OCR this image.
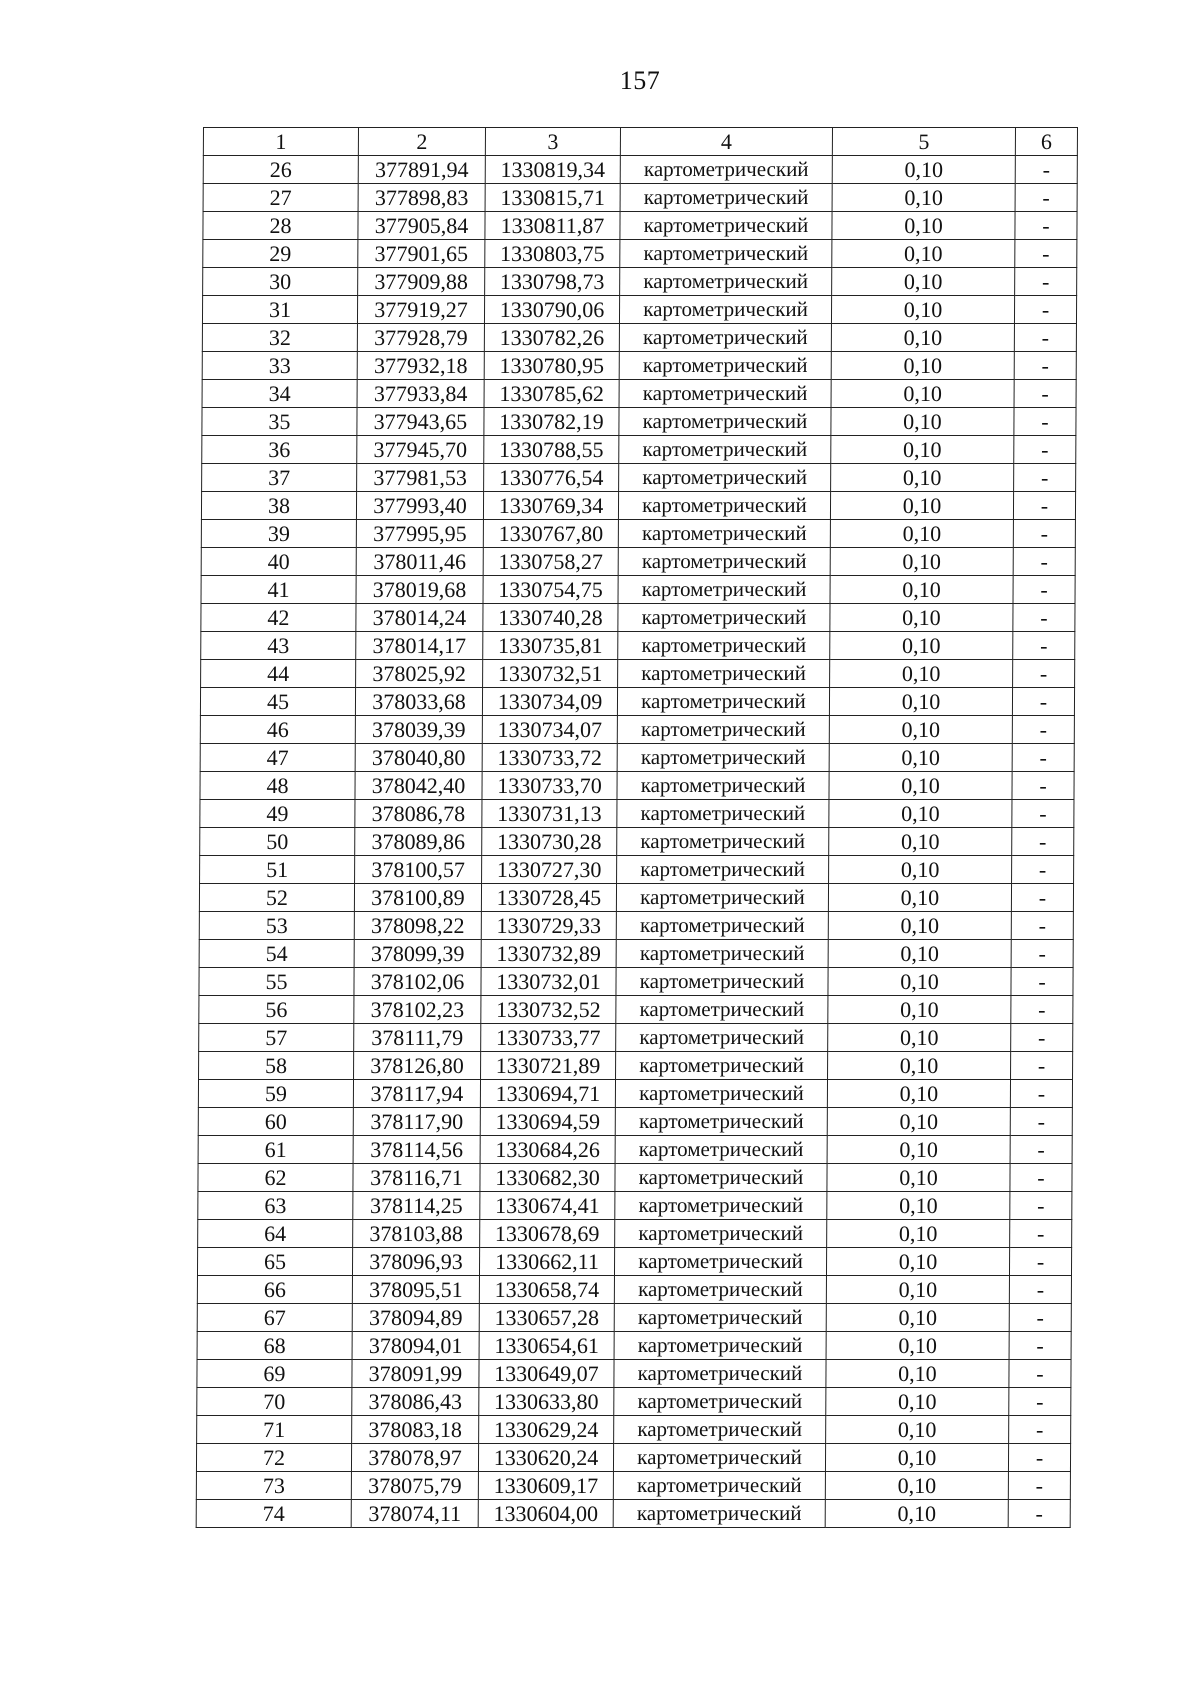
157
1	2	3	4	5	6
26	377891,94	1330819,34	картометрический	0,10	-
27	377898,83	1330815,71	картометрический	0,10	-
28	377905,84	1330811,87	картометрический	0,10	-
29	377901,65	1330803,75	картометрический	0,10	-
30	377909,88	1330798,73	картометрический	0,10	-
31	377919,27	1330790,06	картометрический	0,10	-
32	377928,79	1330782,26	картометрический	0,10	-
33	377932,18	1330780,95	картометрический	0,10	-
34	377933,84	1330785,62	картометрический	0,10	-
35	377943,65	1330782,19	картометрический	0,10	-
36	377945,70	1330788,55	картометрический	0,10	-
37	377981,53	1330776,54	картометрический	0,10	-
38	377993,40	1330769,34	картометрический	0,10	-
39	377995,95	1330767,80	картометрический	0,10	-
40	378011,46	1330758,27	картометрический	0,10	-
41	378019,68	1330754,75	картометрический	0,10	-
42	378014,24	1330740,28	картометрический	0,10	-
43	378014,17	1330735,81	картометрический	0,10	-
44	378025,92	1330732,51	картометрический	0,10	-
45	378033,68	1330734,09	картометрический	0,10	-
46	378039,39	1330734,07	картометрический	0,10	-
47	378040,80	1330733,72	картометрический	0,10	-
48	378042,40	1330733,70	картометрический	0,10	-
49	378086,78	1330731,13	картометрический	0,10	-
50	378089,86	1330730,28	картометрический	0,10	-
51	378100,57	1330727,30	картометрический	0,10	-
52	378100,89	1330728,45	картометрический	0,10	-
53	378098,22	1330729,33	картометрический	0,10	-
54	378099,39	1330732,89	картометрический	0,10	-
55	378102,06	1330732,01	картометрический	0,10	-
56	378102,23	1330732,52	картометрический	0,10	-
57	378111,79	1330733,77	картометрический	0,10	-
58	378126,80	1330721,89	картометрический	0,10	-
59	378117,94	1330694,71	картометрический	0,10	-
60	378117,90	1330694,59	картометрический	0,10	-
61	378114,56	1330684,26	картометрический	0,10	-
62	378116,71	1330682,30	картометрический	0,10	-
63	378114,25	1330674,41	картометрический	0,10	-
64	378103,88	1330678,69	картометрический	0,10	-
65	378096,93	1330662,11	картометрический	0,10	-
66	378095,51	1330658,74	картометрический	0,10	-
67	378094,89	1330657,28	картометрический	0,10	-
68	378094,01	1330654,61	картометрический	0,10	-
69	378091,99	1330649,07	картометрический	0,10	-
70	378086,43	1330633,80	картометрический	0,10	-
71	378083,18	1330629,24	картометрический	0,10	-
72	378078,97	1330620,24	картометрический	0,10	-
73	378075,79	1330609,17	картометрический	0,10	-
74	378074,11	1330604,00	картометрический	0,10	-
